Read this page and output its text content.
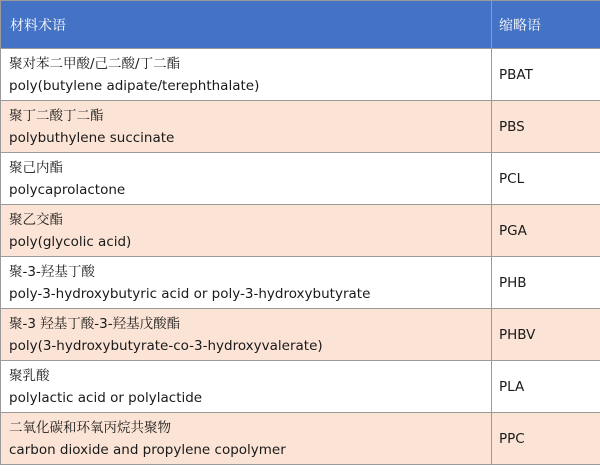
材料术语	缩略语

聚对苯二甲酸/己二酸/丁二酯
poly(butylene adipate/terephthalate)	PBAT

聚丁二酸丁二酯
polybuthylene succinate	PBS

聚己内酯
polycaprolactone	PCL

聚乙交酯
poly(glycolic acid)	PGA

聚-3-羟基丁酸
poly-3-hydroxybutyric acid or poly-3-hydroxybutyrate	PHB

聚-3 羟基丁酸-3-羟基戊酸酯
poly(3-hydroxybutyrate-co-3-hydroxyvalerate)	PHBV

聚乳酸
polylactic acid or polylactide	PLA

二氧化碳和环氧丙烷共聚物
carbon dioxide and propylene copolymer	PPC
